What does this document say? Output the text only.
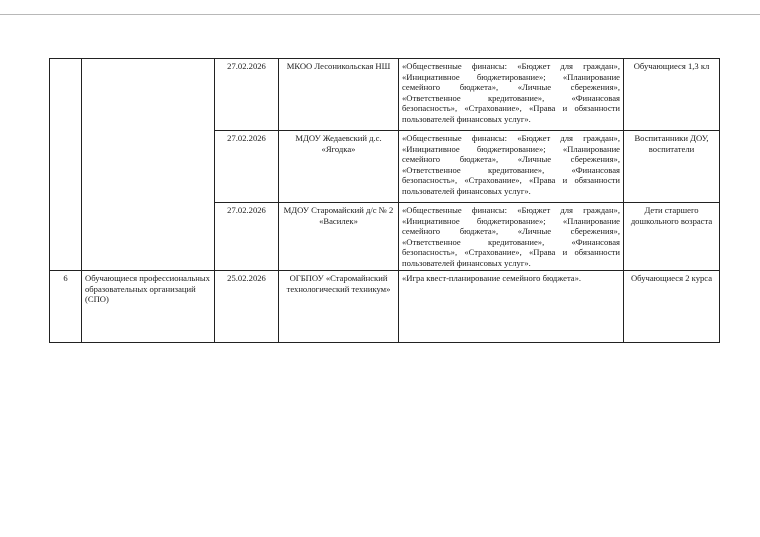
		27.02.2026	МКОО Лесоникольская НШ	«Общественные финансы: «Бюджет для граждан», «Инициативное бюджетирование»; «Планирование семейного бюджета», «Личные сбережения», «Ответственное кредитование», «Финансовая безопасность», «Страхование», «Права и обязанности пользователей финансовых услуг».	Обучающиеся 1,3 кл
		27.02.2026	МДОУ Жедаевский д.с. «Ягодка»	«Общественные финансы: «Бюджет для граждан», «Инициативное бюджетирование»; «Планирование семейного бюджета», «Личные сбережения», «Ответственное кредитование», «Финансовая безопасность», «Страхование», «Права и обязанности пользователей финансовых услуг».	Воспитанники ДОУ, воспитатели
		27.02.2026	МДОУ Старомайский д/с № 2 «Василек»	«Общественные финансы: «Бюджет для граждан», «Инициативное бюджетирование»; «Планирование семейного бюджета», «Личные сбережения», «Ответственное кредитование», «Финансовая безопасность», «Страхование», «Права и обязанности пользователей финансовых услуг».	Дети старшего дошкольного возраста
6	Обучающиеся профессиональных образовательных организаций (СПО)	25.02.2026	ОГБПОУ «Старомайнский технологический техникум»	«Игра квест-планирование семейного бюджета».	Обучающиеся 2 курса
